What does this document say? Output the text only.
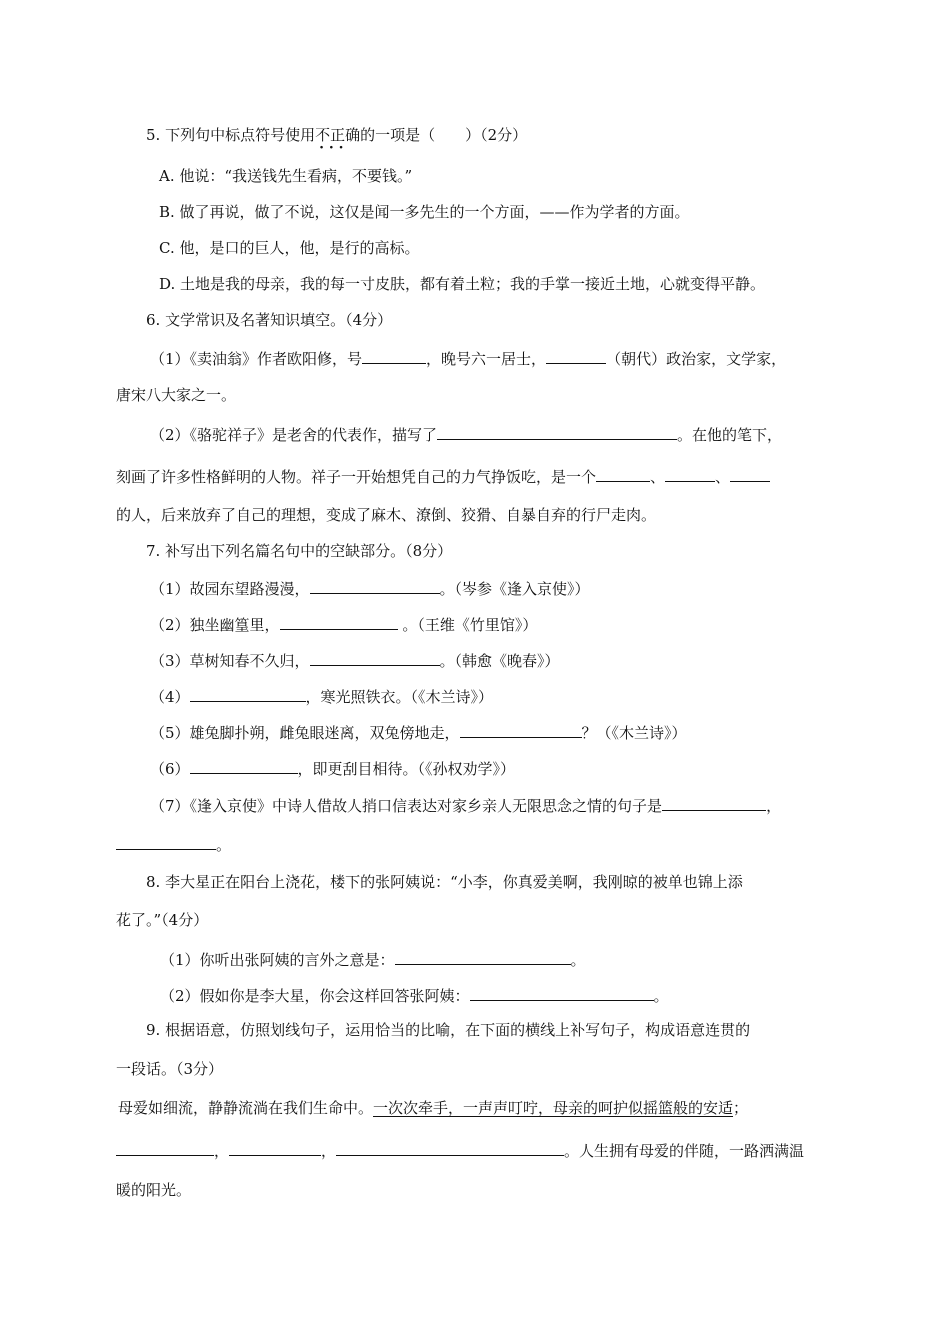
5. 下列句中标点符号使用不正确 · · ·的一项是（　　）（2分）
A. 他说：“我送钱先生看病，不要钱。”
B. 做了再说，做了不说，这仅是闻一多先生的一个方面，——作为学者的方面。
C. 他，是口的巨人，他，是行的高标。
D. 土地是我的母亲，我的每一寸皮肤，都有着土粒；我的手掌一接近土地，心就变得平静。
6. 文学常识及名著知识填空。（4分）
（1）《卖油翁》作者欧阳修，号	，晚号六一居士，	（朝代）政治家，文学家，
唐宋八大家之一。
（2）《骆驼祥子》是老舍的代表作，描写了	。在他的笔下，
刻画了许多性格鲜明的人物。祥子一开始想凭自己的力气挣饭吃，是一个	、	、
的人，后来放弃了自己的理想，变成了麻木、潦倒、狡猾、自暴自弃的行尸走肉。
7. 补写出下列名篇名句中的空缺部分。（8分）
（1）故园东望路漫漫，	。（岑参《逢入京使》）
（2）独坐幽篁里，	。（王维《竹里馆》）
（3）草树知春不久归，	。（韩愈《晚春》）
（4）	，寒光照铁衣。（《木兰诗》）
（5）雄兔脚扑朔，雌兔眼迷离，双兔傍地走，	？（《木兰诗》）
（6）	，即更刮目相待。（《孙权劝学》）
（7）《逢入京使》中诗人借故人捎口信表达对家乡亲人无限思念之情的句子是	，
。
8. 李大星正在阳台上浇花，楼下的张阿姨说：“小李，你真爱美啊，我刚晾的被单也锦上添
花了。”（4分）
（1）你听出张阿姨的言外之意是：	。
（2）假如你是李大星，你会这样回答张阿姨：	。
9. 根据语意，仿照划线句子，运用恰当的比喻，在下面的横线上补写句子，构成语意连贯的
一段话。（3分）
母爱如细流，静静流淌在我们生命中。一次次牵手，一声声叮咛，母亲的呵护似摇篮般的安适；
，	，	。人生拥有母爱的伴随，一路洒满温
暖的阳光。
